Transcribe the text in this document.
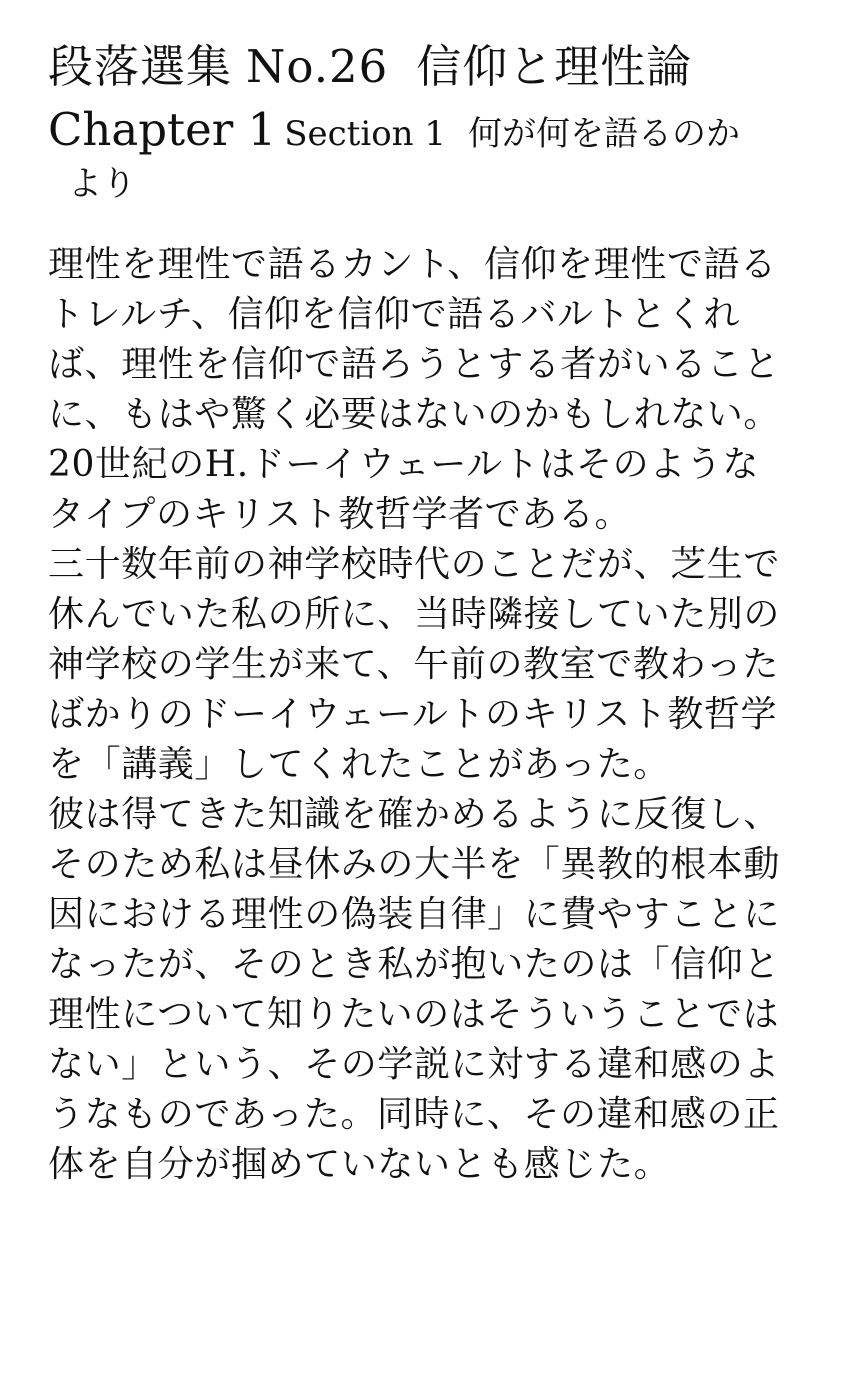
段落選集 No.26 信仰と理性論
Chapter 1 Section 1 何が何を語るのか
より
理性を理性で語るカント、信仰を理性で語る
トレルチ、信仰を信仰で語るバルトとくれ
ば、理性を信仰で語ろうとする者がいること
に、もはや驚く必要はないのかもしれない。
20世紀のH.ドーイウェールトはそのような
タイプのキリスト教哲学者である。
三十数年前の神学校時代のことだが、芝生で
休んでいた私の所に、当時隣接していた別の
神学校の学生が来て、午前の教室で教わった
ばかりのドーイウェールトのキリスト教哲学
を「講義」してくれたことがあった。
彼は得てきた知識を確かめるように反復し、
そのため私は昼休みの大半を「異教的根本動
因における理性の偽装自律」に費やすことに
なったが、そのとき私が抱いたのは「信仰と
理性について知りたいのはそういうことでは
ない」という、その学説に対する違和感のよ
うなものであった。同時に、その違和感の正
体を自分が掴めていないとも感じた。
